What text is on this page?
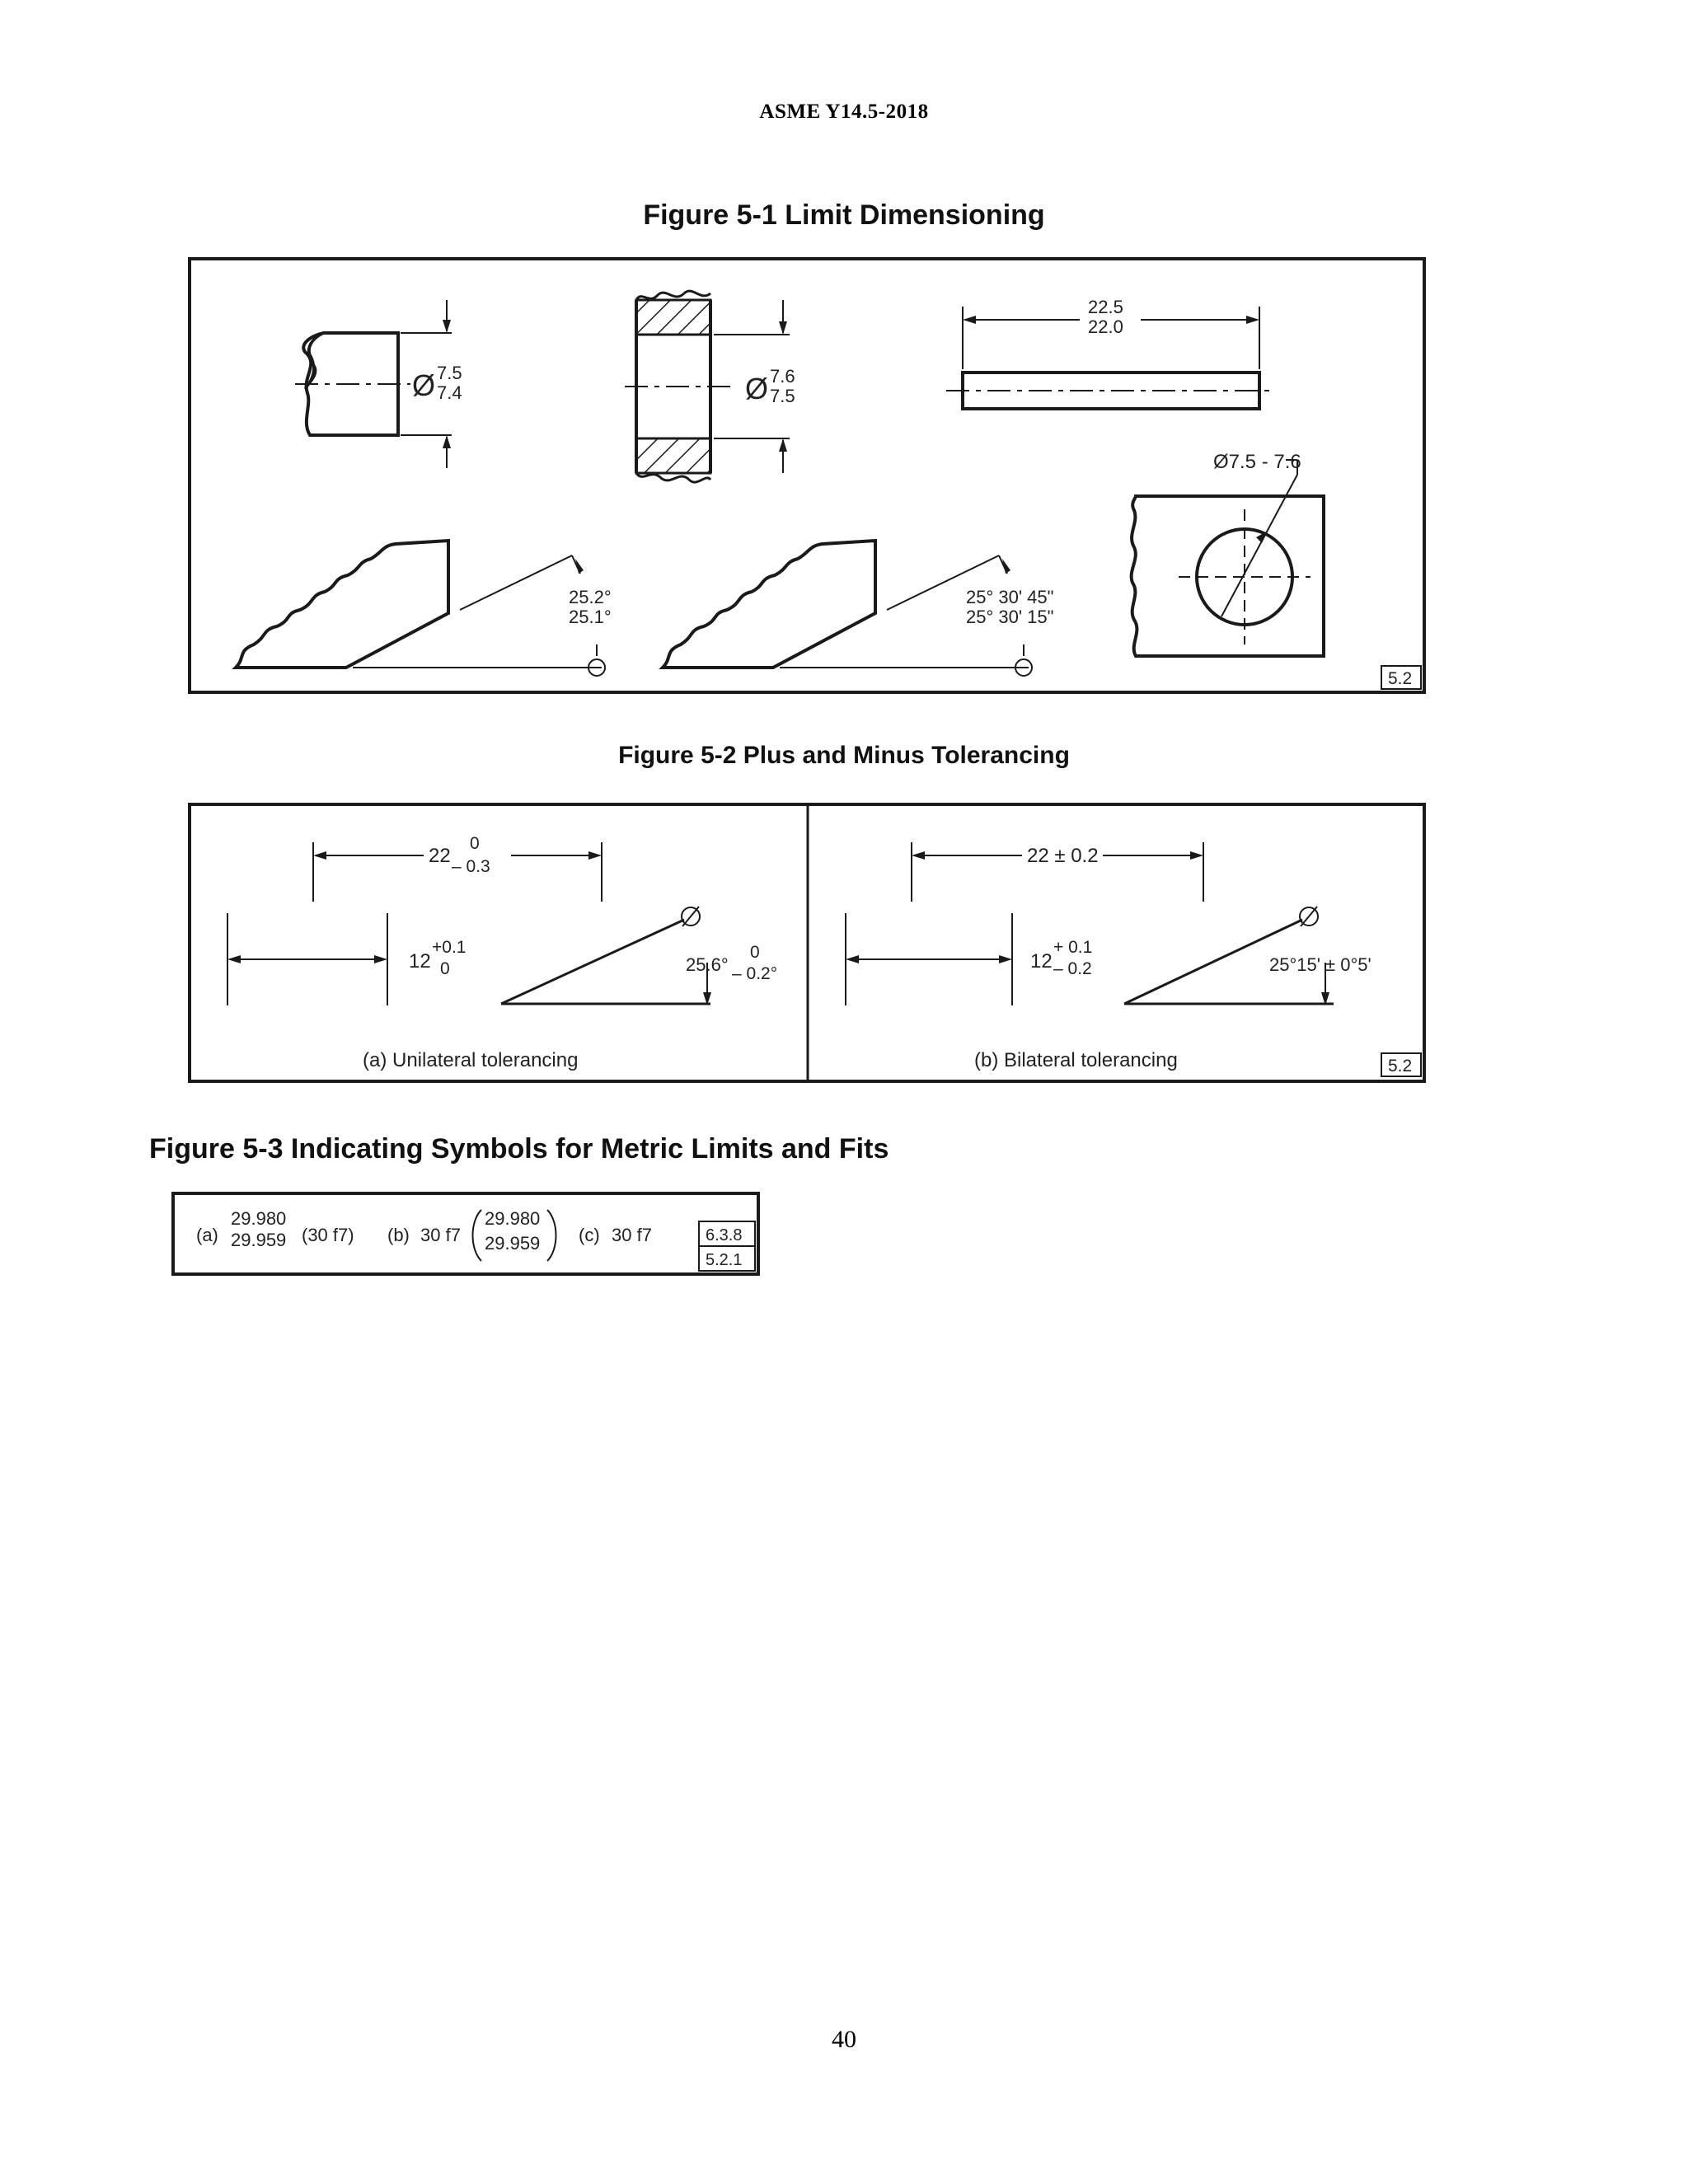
ASME Y14.5-2018
Figure 5-1 Limit Dimensioning
Ø 7.5
7.4	Ø 7.6
7.5
22.5
22.0
Ø7.5 - 7.6
25.2°
25.1°
25° 30' 45"
25° 30' 15"
5.2
Figure 5-2 Plus and Minus Tolerancing
22
0
– 0.3
12
+0.1
0	25.6°
0
– 0.2°
(a) Unilateral tolerancing
22 ± 0.2
12
+ 0.1
– 0.2	25°15' ± 0°5'
(b) Bilateral tolerancing	5.2
Figure 5-3 Indicating Symbols for Metric Limits and Fits
(a)
29.980
29.959 (30 f7) (b) 30 f7
29.980
29.959 (c) 30 f7	6.3.8
5.2.1
40
